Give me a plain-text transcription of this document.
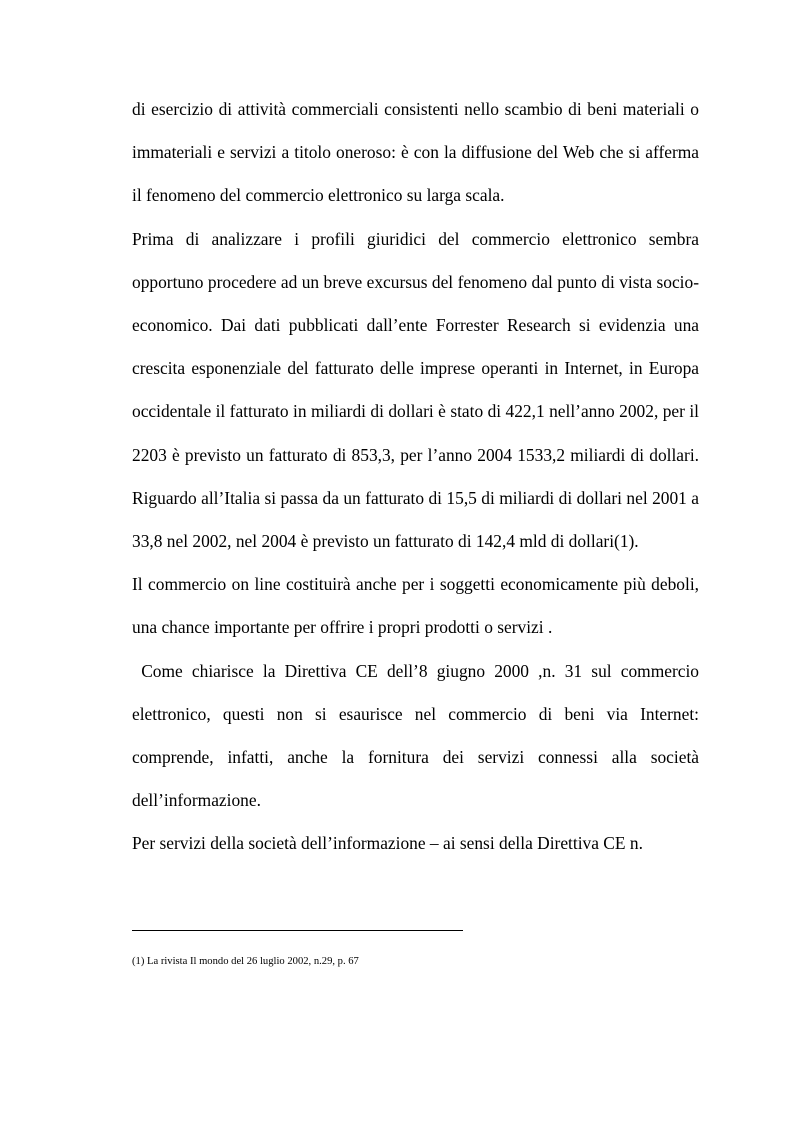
di esercizio di attività commerciali consistenti nello scambio di beni materiali o immateriali e servizi a titolo oneroso: è con la diffusione del Web che si afferma il fenomeno del commercio elettronico su larga scala.

Prima di analizzare i profili giuridici del commercio elettronico sembra opportuno procedere ad un breve excursus del fenomeno dal punto di vista socio- economico. Dai dati pubblicati dall’ente Forrester Research si evidenzia una crescita esponenziale del fatturato delle imprese operanti in Internet, in Europa occidentale il fatturato in miliardi di dollari è stato di 422,1 nell’anno 2002, per il 2203 è previsto un fatturato di 853,3, per l’anno 2004 1533,2 miliardi di dollari. Riguardo all’Italia si passa da un fatturato di 15,5 di miliardi di dollari nel 2001 a 33,8 nel 2002, nel 2004 è previsto un fatturato di 142,4 mld di dollari(1).

Il commercio on line costituirà anche per i soggetti economicamente più deboli, una chance importante per offrire i propri prodotti o servizi .

Come chiarisce la Direttiva CE dell’8 giugno 2000 ,n. 31 sul commercio elettronico, questi non si esaurisce nel commercio di beni via Internet: comprende, infatti, anche la fornitura dei servizi connessi alla società dell’informazione.

Per servizi della società dell’informazione – ai sensi della Direttiva CE n.

(1) La rivista Il mondo del 26 luglio 2002, n.29, p. 67
